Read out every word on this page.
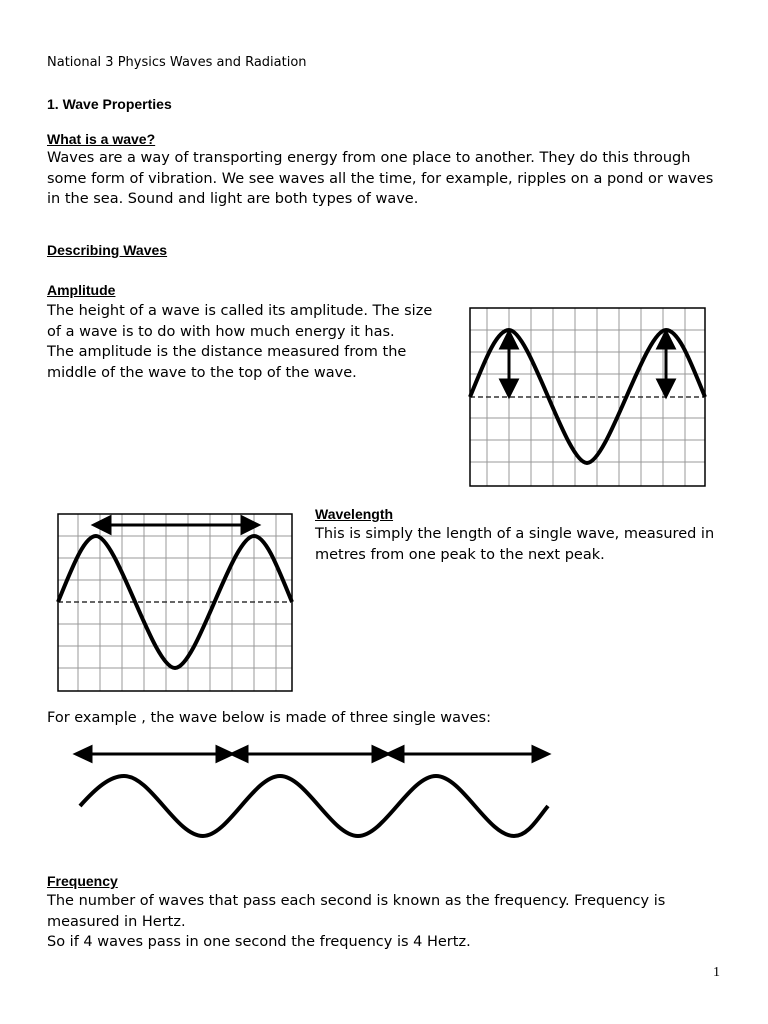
National 3 Physics Waves and Radiation
1. Wave Properties
What is a wave?
Waves are a way of transporting energy from one place to another. They do this through
some form of vibration. We see waves all the time, for example, ripples on a pond or waves
in the sea. Sound and light are both types of wave.
Describing Waves
Amplitude
The height of a wave is called its amplitude. The size
of a wave is to do with how much energy it has.
The amplitude is the distance measured from the
middle of the wave to the top of the wave.
Wavelength
This is simply the length of a single wave, measured in
metres from one peak to the next peak.
For example , the wave below is made of three single waves:
Frequency
The number of waves that pass each second is known as the frequency. Frequency is
measured in Hertz.
So if 4 waves pass in one second the frequency is 4 Hertz.
1
